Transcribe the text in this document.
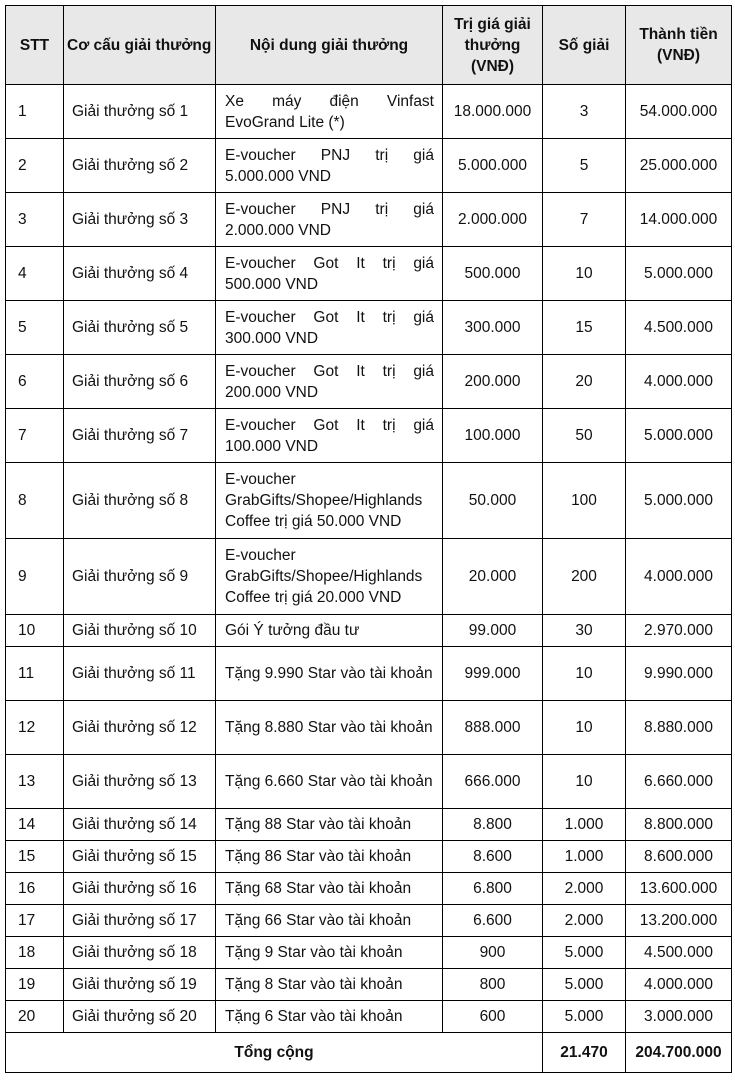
STT	Cơ cấu giải thưởng	Nội dung giải thưởng	Trị giá giải thưởng (VNĐ)	Số giải	Thành tiền (VNĐ)
1	Giải thưởng số 1	Xe máy điện Vinfast EvoGrand Lite (*)	18.000.000	3	54.000.000
2	Giải thưởng số 2	E-voucher PNJ trị giá 5.000.000 VND	5.000.000	5	25.000.000
3	Giải thưởng số 3	E-voucher PNJ trị giá 2.000.000 VND	2.000.000	7	14.000.000
4	Giải thưởng số 4	E-voucher Got It trị giá 500.000 VND	500.000	10	5.000.000
5	Giải thưởng số 5	E-voucher Got It trị giá 300.000 VND	300.000	15	4.500.000
6	Giải thưởng số 6	E-voucher Got It trị giá 200.000 VND	200.000	20	4.000.000
7	Giải thưởng số 7	E-voucher Got It trị giá 100.000 VND	100.000	50	5.000.000
8	Giải thưởng số 8	E-voucher GrabGifts/Shopee/Highlands Coffee trị giá 50.000 VND	50.000	100	5.000.000
9	Giải thưởng số 9	E-voucher GrabGifts/Shopee/Highlands Coffee trị giá 20.000 VND	20.000	200	4.000.000
10	Giải thưởng số 10	Gói Ý tưởng đầu tư	99.000	30	2.970.000
11	Giải thưởng số 11	Tặng 9.990 Star vào tài khoản	999.000	10	9.990.000
12	Giải thưởng số 12	Tặng 8.880 Star vào tài khoản	888.000	10	8.880.000
13	Giải thưởng số 13	Tặng 6.660 Star vào tài khoản	666.000	10	6.660.000
14	Giải thưởng số 14	Tặng 88 Star vào tài khoản	8.800	1.000	8.800.000
15	Giải thưởng số 15	Tặng 86 Star vào tài khoản	8.600	1.000	8.600.000
16	Giải thưởng số 16	Tặng 68 Star vào tài khoản	6.800	2.000	13.600.000
17	Giải thưởng số 17	Tặng 66 Star vào tài khoản	6.600	2.000	13.200.000
18	Giải thưởng số 18	Tặng 9 Star vào tài khoản	900	5.000	4.500.000
19	Giải thưởng số 19	Tặng 8 Star vào tài khoản	800	5.000	4.000.000
20	Giải thưởng số 20	Tặng 6 Star vào tài khoản	600	5.000	3.000.000
Tổng cộng				21.470	204.700.000
